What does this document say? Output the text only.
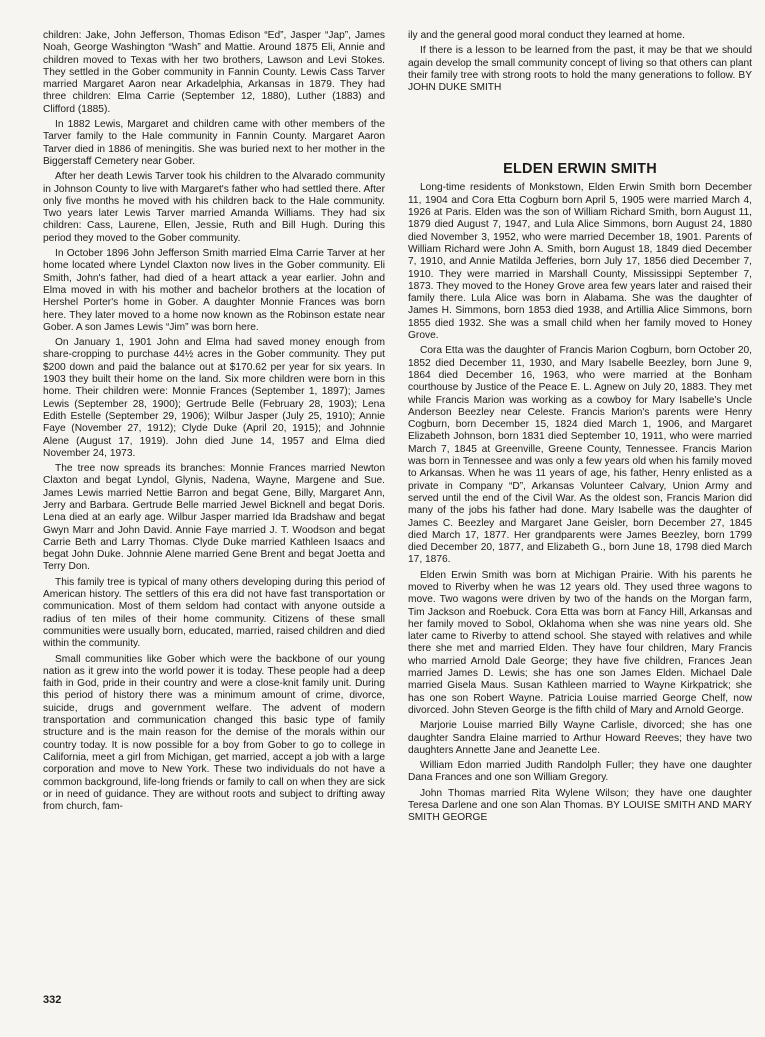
children: Jake, John Jefferson, Thomas Edison “Ed”, Jasper “Jap”, James Noah, George Washington “Wash” and Mattie. Around 1875 Eli, Annie and children moved to Texas with her two brothers, Lawson and Levi Stokes. They settled in the Gober community in Fannin County. Lewis Cass Tarver married Margaret Aaron near Arkadelphia, Arkansas in 1879. They had three children: Elma Carrie (September 12, 1880), Luther (1883) and Clifford (1885).

In 1882 Lewis, Margaret and children came with other members of the Tarver family to the Hale community in Fannin County. Margaret Aaron Tarver died in 1886 of meningitis. She was buried next to her mother in the Biggerstaff Cemetery near Gober.

After her death Lewis Tarver took his children to the Alvarado community in Johnson County to live with Margaret's father who had settled there. After only five months he moved with his children back to the Hale community. Two years later Lewis Tarver married Amanda Williams. They had six children: Cass, Laurene, Ellen, Jessie, Ruth and Bill Hugh. During this period they moved to the Gober community.

In October 1896 John Jefferson Smith married Elma Carrie Tarver at her home located where Lyndel Claxton now lives in the Gober community. Eli Smith, John's father, had died of a heart attack a year earlier. John and Elma moved in with his mother and bachelor brothers at the location of Hershel Porter's home in Gober. A daughter Monnie Frances was born here. They later moved to a home now known as the Robinson estate near Gober. A son James Lewis “Jim” was born here.

On January 1, 1901 John and Elma had saved money enough from share-cropping to purchase 44½ acres in the Gober community. They put $200 down and paid the balance out at $170.62 per year for six years. In 1903 they built their home on the land. Six more children were born in this home. Their children were: Monnie Frances (September 1, 1897); James Lewis (September 28, 1900); Gertrude Belle (February 28, 1903); Lena Edith Estelle (September 29, 1906); Wilbur Jasper (July 25, 1910); Annie Faye (November 27, 1912); Clyde Duke (April 20, 1915); and Johnnie Alene (August 17, 1919). John died June 14, 1957 and Elma died November 24, 1973.

The tree now spreads its branches: Monnie Frances married Newton Claxton and begat Lyndol, Glynis, Nadena, Wayne, Margene and Sue. James Lewis married Nettie Barron and begat Gene, Billy, Margaret Ann, Jerry and Barbara. Gertrude Belle married Jewel Bicknell and begat Doris. Lena died at an early age. Wilbur Jasper married Ida Bradshaw and begat Gwyn Marr and John David. Annie Faye married J. T. Woodson and begat Carrie Beth and Larry Thomas. Clyde Duke married Kathleen Isaacs and begat John Duke. Johnnie Alene married Gene Brent and begat Joetta and Terry Don.

This family tree is typical of many others developing during this period of American history. The settlers of this era did not have fast transportation or communication. Most of them seldom had contact with anyone outside a radius of ten miles of their home community. Citizens of these small communities were usually born, educated, married, raised children and died within the community.

Small communities like Gober which were the backbone of our young nation as it grew into the world power it is today. These people had a deep faith in God, pride in their country and were a close-knit family unit. During this period of history there was a minimum amount of crime, divorce, suicide, drugs and government welfare. The advent of modern transportation and communication changed this basic type of family structure and is the main reason for the demise of the morals within our country today. It is now possible for a boy from Gober to go to college in California, meet a girl from Michigan, get married, accept a job with a large corporation and move to New York. These two individuals do not have a common background, life-long friends or family to call on when they are sick or in need of guidance. They are without roots and subject to drifting away from church, fam-

ily and the general good moral conduct they learned at home.

If there is a lesson to be learned from the past, it may be that we should again develop the small community concept of living so that others can plant their family tree with strong roots to hold the many generations to follow. BY JOHN DUKE SMITH

ELDEN ERWIN SMITH

Long-time residents of Monkstown, Elden Erwin Smith born December 11, 1904 and Cora Etta Cogburn born April 5, 1905 were married March 4, 1926 at Paris. Elden was the son of William Richard Smith, born August 11, 1879 died August 7, 1947, and Lula Alice Simmons, born August 24, 1880 died November 3, 1952, who were married December 18, 1901. Parents of William Richard were John A. Smith, born August 18, 1849 died December 7, 1910, and Annie Matilda Jefferies, born July 17, 1856 died December 7, 1910. They were married in Marshall County, Mississippi September 7, 1873. They moved to the Honey Grove area few years later and raised their family there. Lula Alice was born in Alabama. She was the daughter of James H. Simmons, born 1853 died 1938, and Artillia Alice Simmons, born 1855 died 1932. She was a small child when her family moved to Honey Grove.

Cora Etta was the daughter of Francis Marion Cogburn, born October 20, 1852 died December 11, 1930, and Mary Isabelle Beezley, born June 9, 1864 died December 16, 1963, who were married at the Bonham courthouse by Justice of the Peace E. L. Agnew on July 20, 1883. They met while Francis Marion was working as a cowboy for Mary Isabelle's Uncle Anderson Beezley near Celeste. Francis Marion's parents were Henry Cogburn, born December 15, 1824 died March 1, 1906, and Margaret Elizabeth Johnson, born 1831 died September 10, 1911, who were married March 7, 1845 at Greenville, Greene County, Tennessee. Francis Marion was born in Tennessee and was only a few years old when his family moved to Arkansas. When he was 11 years of age, his father, Henry enlisted as a private in Company “D”, Arkansas Volunteer Calvary, Union Army and served until the end of the Civil War. As the oldest son, Francis Marion did many of the jobs his father had done. Mary Isabelle was the daughter of James C. Beezley and Margaret Jane Geisler, born December 27, 1845 died March 17, 1877. Her grandparents were James Beezley, born 1799 died December 20, 1877, and Elizabeth G., born June 18, 1798 died March 17, 1876.

Elden Erwin Smith was born at Michigan Prairie. With his parents he moved to Riverby when he was 12 years old. They used three wagons to move. Two wagons were driven by two of the hands on the Morgan farm, Tim Jackson and Roebuck. Cora Etta was born at Fancy Hill, Arkansas and her family moved to Sobol, Oklahoma when she was nine years old. She later came to Riverby to attend school. She stayed with relatives and while there she met and married Elden. They have four children, Mary Francis who married Arnold Dale George; they have five children, Frances Jean married James D. Lewis; she has one son James Elden. Michael Dale married Gisela Maus. Susan Kathleen married to Wayne Kirkpatrick; she has one son Robert Wayne. Patricia Louise married George Chelf, now divorced. John Steven George is the fifth child of Mary and Arnold George.

Marjorie Louise married Billy Wayne Carlisle, divorced; she has one daughter Sandra Elaine married to Arthur Howard Reeves; they have two daughters Annette Jane and Jeanette Lee.

William Edon married Judith Randolph Fuller; they have one daughter Dana Frances and one son William Gregory.

John Thomas married Rita Wylene Wilson; they have one daughter Teresa Darlene and one son Alan Thomas. BY LOUISE SMITH AND MARY SMITH GEORGE

332
